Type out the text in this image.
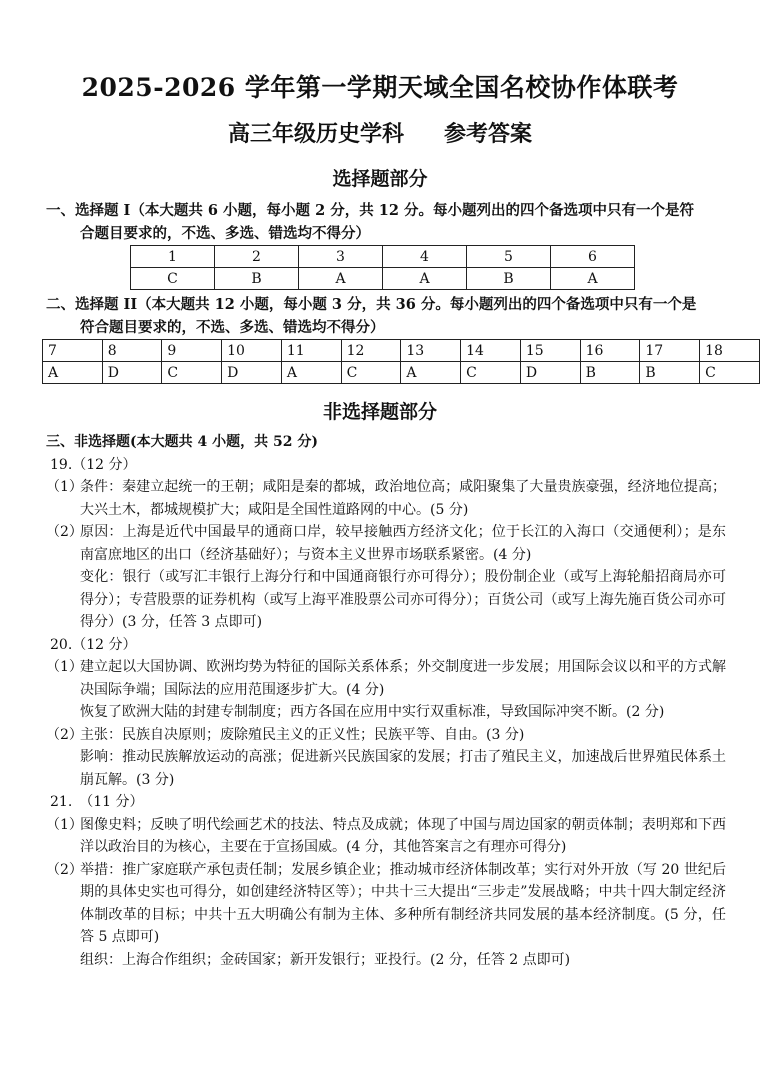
2025-2026 学年第一学期天域全国名校协作体联考
高三年级历史学科 参考答案
选择题部分
一、选择题 I（本大题共 6 小题，每小题 2 分，共 12 分。每小题列出的四个备选项中只有一个是符
合题目要求的，不选、多选、错选均不得分）
1	2	3	4	5	6
C	B	A	A	B	A
二、选择题 II（本大题共 12 小题，每小题 3 分，共 36 分。每小题列出的四个备选项中只有一个是
符合题目要求的，不选、多选、错选均不得分）
7	8	9	10	11	12	13	14	15	16	17	18
A	D	C	D	A	C	A	C	D	B	B	C
非选择题部分

三、非选择题(本大题共 4 小题，共 52 分)

19.（12 分）

（1）
条件：秦建立起统一的王朝；咸阳是秦的都城，政治地位高；咸阳聚集了大量贵族豪强，经济地位提高；大兴土木，都城规模扩大；咸阳是全国性道路网的中心。(5 分)
（2）
原因：上海是近代中国最早的通商口岸，较早接触西方经济文化；位于长江的入海口（交通便利）；是东南富庶地区的出口（经济基础好）；与资本主义世界市场联系紧密。(4 分)

变化：银行（或写汇丰银行上海分行和中国通商银行亦可得分）；股份制企业（或写上海轮船招商局亦可得分）；专营股票的证券机构（或写上海平准股票公司亦可得分）；百货公司（或写上海先施百货公司亦可得分）(3 分，任答 3 点即可)

20.（12 分）

（1）
建立起以大国协调、欧洲均势为特征的国际关系体系；外交制度进一步发展；用国际会议以和平的方式解决国际争端；国际法的应用范围逐步扩大。(4 分)

恢复了欧洲大陆的封建专制制度；西方各国在应用中实行双重标准，导致国际冲突不断。(2 分)

（2）
主张：民族自决原则；废除殖民主义的正义性；民族平等、自由。(3 分)

影响：推动民族解放运动的高涨；促进新兴民族国家的发展；打击了殖民主义，加速战后世界殖民体系土崩瓦解。(3 分)

21.　（11 分）

（1）
图像史料；反映了明代绘画艺术的技法、特点及成就；体现了中国与周边国家的朝贡体制；表明郑和下西洋以政治目的为核心，主要在于宣扬国威。(4 分，其他答案言之有理亦可得分)
（2）
举措：推广家庭联产承包责任制；发展乡镇企业；推动城市经济体制改革；实行对外开放（写 20 世纪后期的具体史实也可得分，如创建经济特区等）；中共十三大提出“三步走”发展战略；中共十四大制定经济体制改革的目标；中共十五大明确公有制为主体、多种所有制经济共同发展的基本经济制度。(5 分，任答 5 点即可)

组织：上海合作组织；金砖国家；新开发银行；亚投行。(2 分，任答 2 点即可)
